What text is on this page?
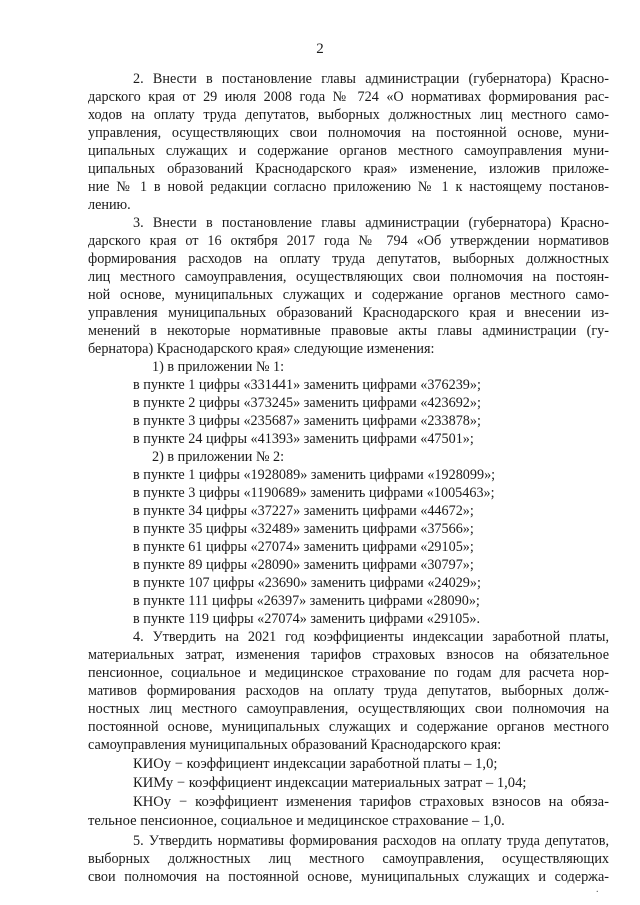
2
2. Внести в постановление главы администрации (губернатора) Красно-
дарского края от 29 июля 2008 года № 724 «О нормативах формирования рас-
ходов на оплату труда депутатов, выборных должностных лиц местного само-
управления, осуществляющих свои полномочия на постоянной основе, муни-
ципальных служащих и содержание органов местного самоуправления муни-
ципальных образований Краснодарского края» изменение, изложив приложе-
ние № 1 в новой редакции согласно приложению № 1 к настоящему постанов-
лению.
3. Внести в постановление главы администрации (губернатора) Красно-
дарского края от 16 октября 2017 года № 794 «Об утверждении нормативов
формирования расходов на оплату труда депутатов, выборных должностных
лиц местного самоуправления, осуществляющих свои полномочия на постоян-
ной основе, муниципальных служащих и содержание органов местного само-
управления муниципальных образований Краснодарского края и внесении из-
менений в некоторые нормативные правовые акты главы администрации (гу-
бернатора) Краснодарского края» следующие изменения:
1) в приложении № 1:
в пункте 1 цифры «331441» заменить цифрами «376239»;
в пункте 2 цифры «373245» заменить цифрами «423692»;
в пункте 3 цифры «235687» заменить цифрами «233878»;
в пункте 24 цифры «41393» заменить цифрами «47501»;
2) в приложении № 2:
в пункте 1 цифры «1928089» заменить цифрами «1928099»;
в пункте 3 цифры «1190689» заменить цифрами «1005463»;
в пункте 34 цифры «37227» заменить цифрами «44672»;
в пункте 35 цифры «32489» заменить цифрами «37566»;
в пункте 61 цифры «27074» заменить цифрами «29105»;
в пункте 89 цифры «28090» заменить цифрами «30797»;
в пункте 107 цифры «23690» заменить цифрами «24029»;
в пункте 111 цифры «26397» заменить цифрами «28090»;
в пункте 119 цифры «27074» заменить цифрами «29105».
4. Утвердить на 2021 год коэффициенты индексации заработной платы,
материальных затрат, изменения тарифов страховых взносов на обязательное
пенсионное, социальное и медицинское страхование по годам для расчета нор-
мативов формирования расходов на оплату труда депутатов, выборных долж-
ностных лиц местного самоуправления, осуществляющих свои полномочия на
постоянной основе, муниципальных служащих и содержание органов местного
самоуправления муниципальных образований Краснодарского края:
КИОу − коэффициент индексации заработной платы – 1,0;
КИМу − коэффициент индексации материальных затрат – 1,04;
КНОу − коэффициент изменения тарифов страховых взносов на обяза-
тельное пенсионное, социальное и медицинское страхование – 1,0.
5. Утвердить нормативы формирования расходов на оплату труда депутатов,
выборных должностных лиц местного самоуправления, осуществляющих
свои полномочия на постоянной основе, муниципальных служащих и содержа-
.
